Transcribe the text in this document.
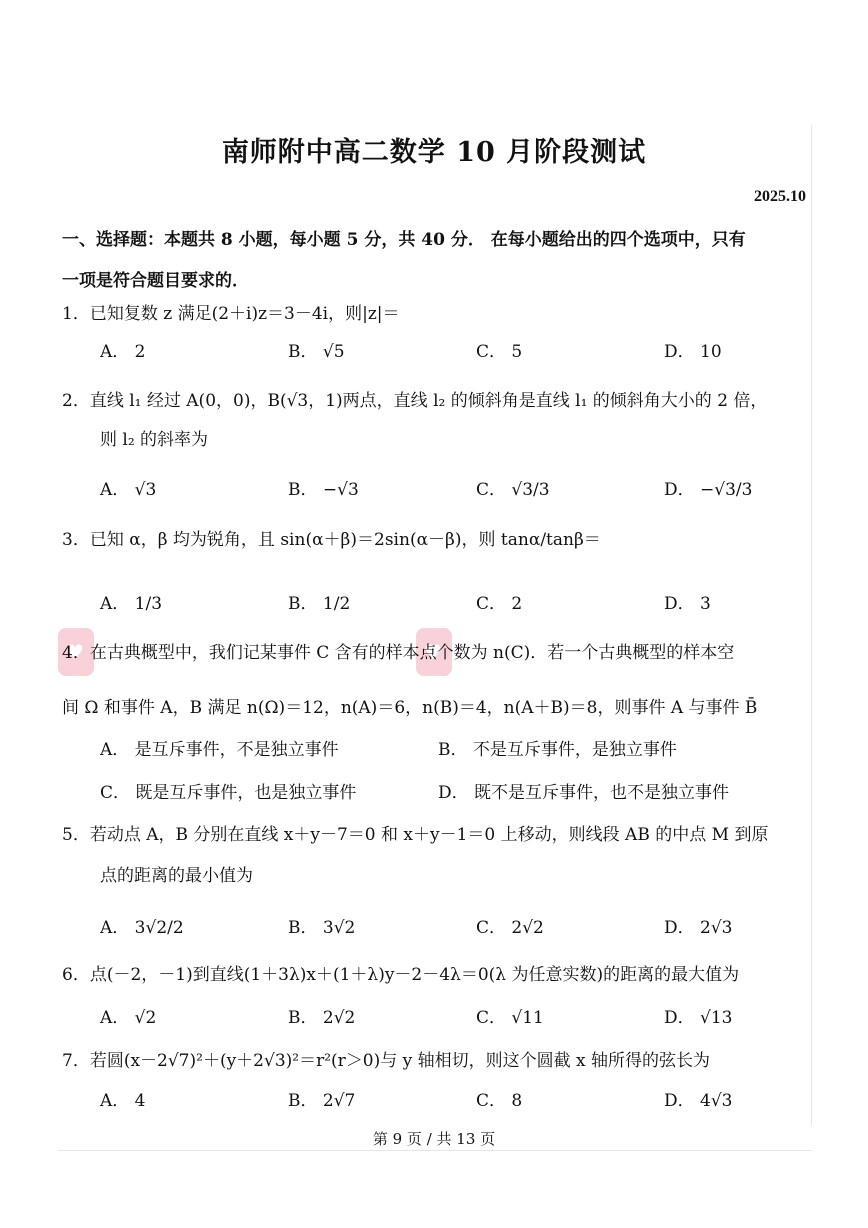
南师附中高二数学 10 月阶段测试
2025.10
一、选择题：本题共 8 小题，每小题 5 分，共 40 分． 在每小题给出的四个选项中，只有
一项是符合题目要求的．
1．已知复数 z 满足(2＋i)z＝3－4i，则|z|＝
A． 2	B． √5	C． 5	D． 10
2．直线 l₁ 经过 A(0，0)，B(√3，1)两点，直线 l₂ 的倾斜角是直线 l₁ 的倾斜角大小的 2 倍，
则 l₂ 的斜率为
A． √3	B． −√3	C． √3/3	D． −√3/3
3．已知 α，β 均为锐角，且 sin(α＋β)＝2sin(α－β)，则 tanα/tanβ＝
A． 1/3	B． 1/2	C． 2	D． 3
♥
♥
4．在古典概型中，我们记某事件 C 含有的样本点个数为 n(C)．若一个古典概型的样本空
间 Ω 和事件 A，B 满足 n(Ω)＝12，n(A)＝6，n(B)＝4，n(A＋B)＝8，则事件 A 与事件 B̄
A． 是互斥事件，不是独立事件	B． 不是互斥事件，是独立事件
C． 既是互斥事件，也是独立事件	D． 既不是互斥事件，也不是独立事件
5．若动点 A，B 分别在直线 x＋y－7＝0 和 x＋y－1＝0 上移动，则线段 AB 的中点 M 到原
点的距离的最小值为
A． 3√2/2	B． 3√2	C． 2√2	D． 2√3
6．点(－2，－1)到直线(1＋3λ)x＋(1＋λ)y－2－4λ＝0(λ 为任意实数)的距离的最大值为
A． √2	B． 2√2	C． √11	D． √13
7．若圆(x－2√7)²＋(y＋2√3)²＝r²(r＞0)与 y 轴相切，则这个圆截 x 轴所得的弦长为
A． 4	B． 2√7	C． 8	D． 4√3
第 9 页 / 共 13 页
